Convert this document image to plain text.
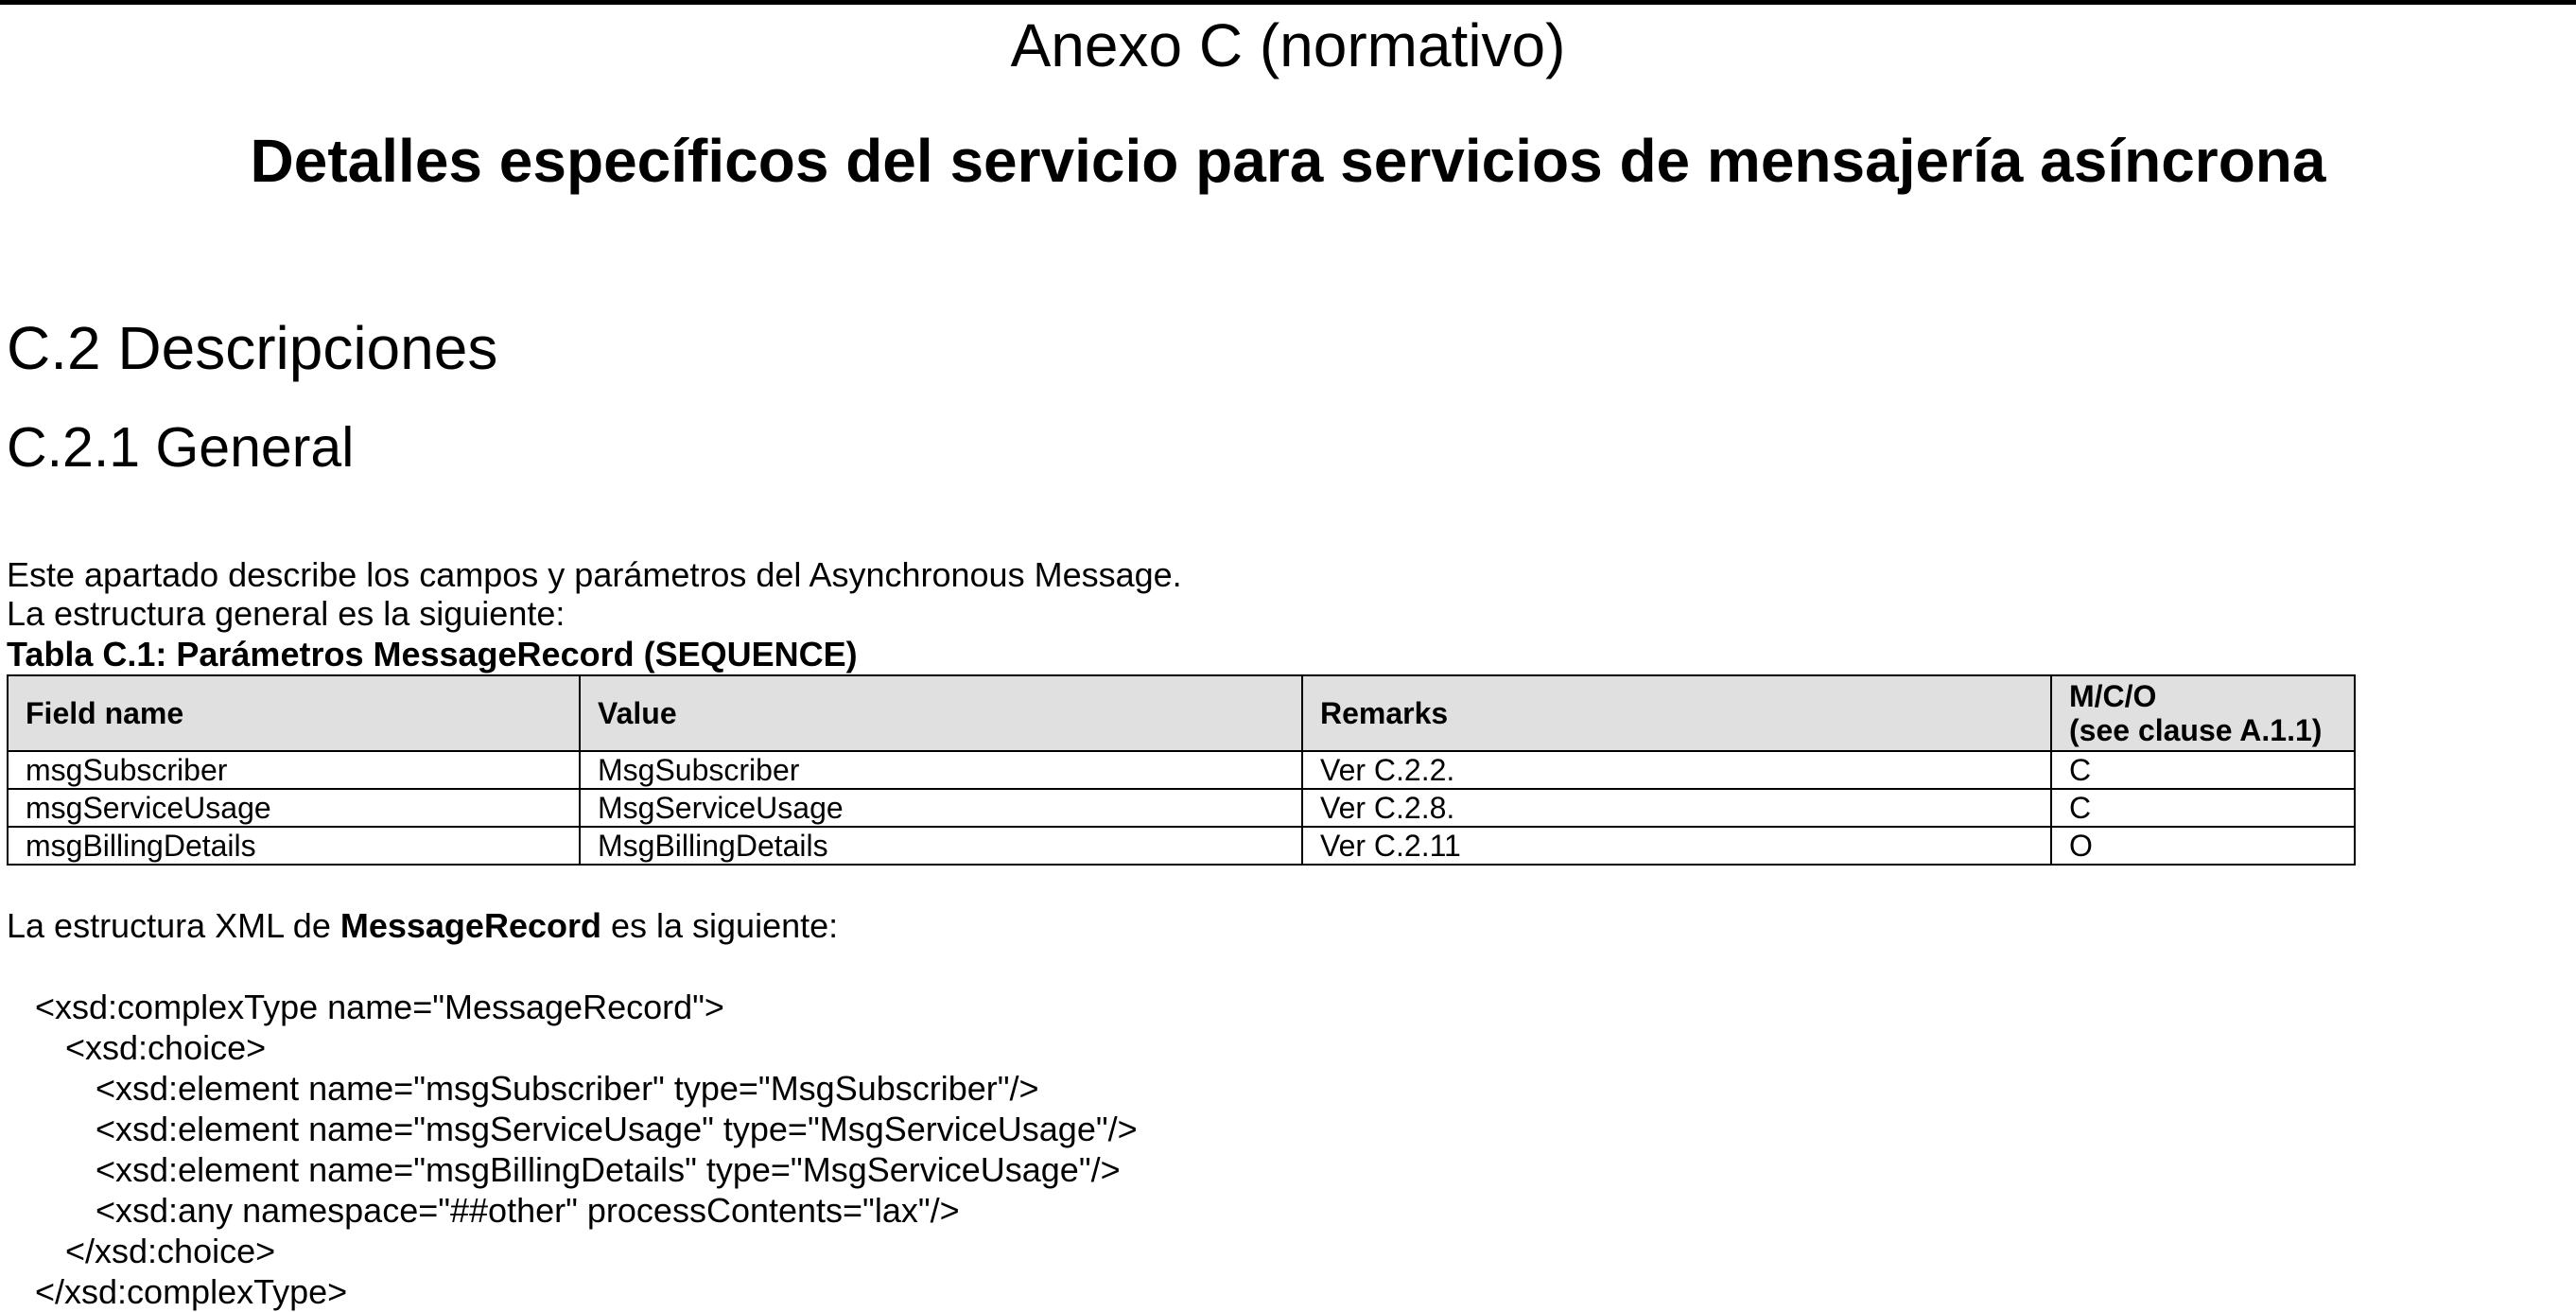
Anexo C (normativo)
Detalles específicos del servicio para servicios de mensajería asíncrona
C.2 Descripciones
C.2.1 General

Este apartado describe los campos y parámetros del Asynchronous Message.

La estructura general es la siguiente:

Tabla C.1: Parámetros MessageRecord (SEQUENCE)

Field name	Value	Remarks	M/C/O
(see clause A.1.1)
msgSubscriber	MsgSubscriber	Ver C.2.2.	C
msgServiceUsage	MsgServiceUsage	Ver C.2.8.	C
msgBillingDetails	MsgBillingDetails	Ver C.2.11	O

La estructura XML de MessageRecord es la siguiente:

<xsd:complexType name="MessageRecord">
<xsd:choice>
<xsd:element name="msgSubscriber" type="MsgSubscriber"/>
<xsd:element name="msgServiceUsage" type="MsgServiceUsage"/>
<xsd:element name="msgBillingDetails" type="MsgServiceUsage"/>
<xsd:any namespace="##other" processContents="lax"/>
</xsd:choice>
</xsd:complexType>
